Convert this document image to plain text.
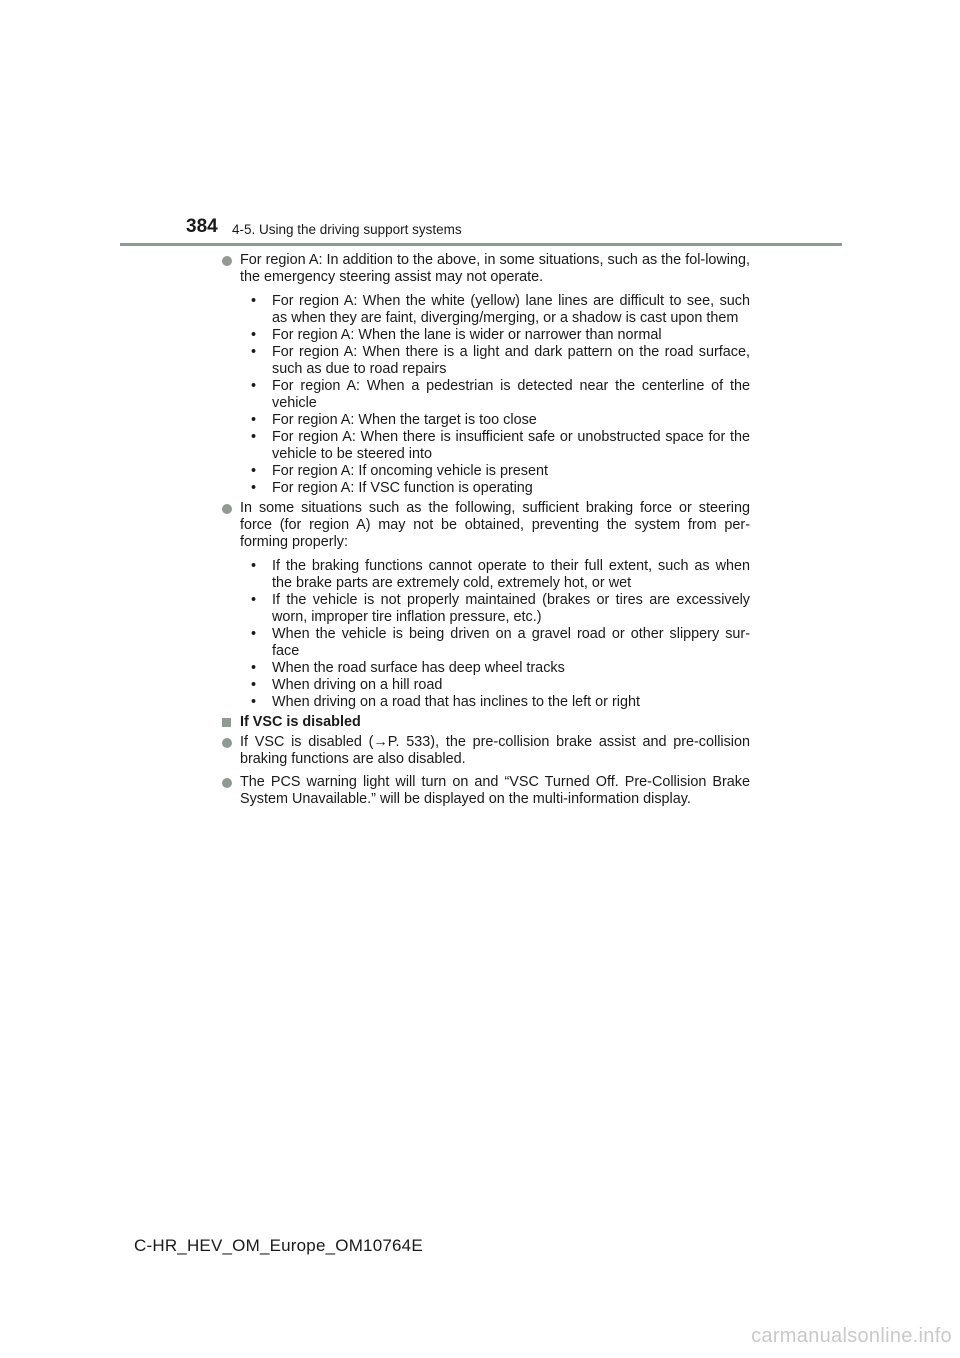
384 4-5. Using the driving support systems

For region A: In addition to the above, in some situations, such as the fol-lowing, the emergency steering assist may not operate.

• For region A: When the white (yellow) lane lines are difficult to see, such as when they are faint, diverging/merging, or a shadow is cast upon them
• For region A: When the lane is wider or narrower than normal
• For region A: When there is a light and dark pattern on the road surface, such as due to road repairs
• For region A: When a pedestrian is detected near the centerline of the vehicle
• For region A: When the target is too close
• For region A: When there is insufficient safe or unobstructed space for the vehicle to be steered into
• For region A: If oncoming vehicle is present
• For region A: If VSC function is operating

In some situations such as the following, sufficient braking force or steering force (for region A) may not be obtained, preventing the system from per-forming properly:

• If the braking functions cannot operate to their full extent, such as when the brake parts are extremely cold, extremely hot, or wet
• If the vehicle is not properly maintained (brakes or tires are excessively worn, improper tire inflation pressure, etc.)
• When the vehicle is being driven on a gravel road or other slippery sur-face
• When the road surface has deep wheel tracks
• When driving on a hill road
• When driving on a road that has inclines to the left or right
If VSC is disabled

If VSC is disabled (→P. 533), the pre-collision brake assist and pre-collision braking functions are also disabled.

The PCS warning light will turn on and “VSC Turned Off. Pre-Collision Brake System Unavailable.” will be displayed on the multi-information display.

C-HR_HEV_OM_Europe_OM10764E
carmanualsonline.info
